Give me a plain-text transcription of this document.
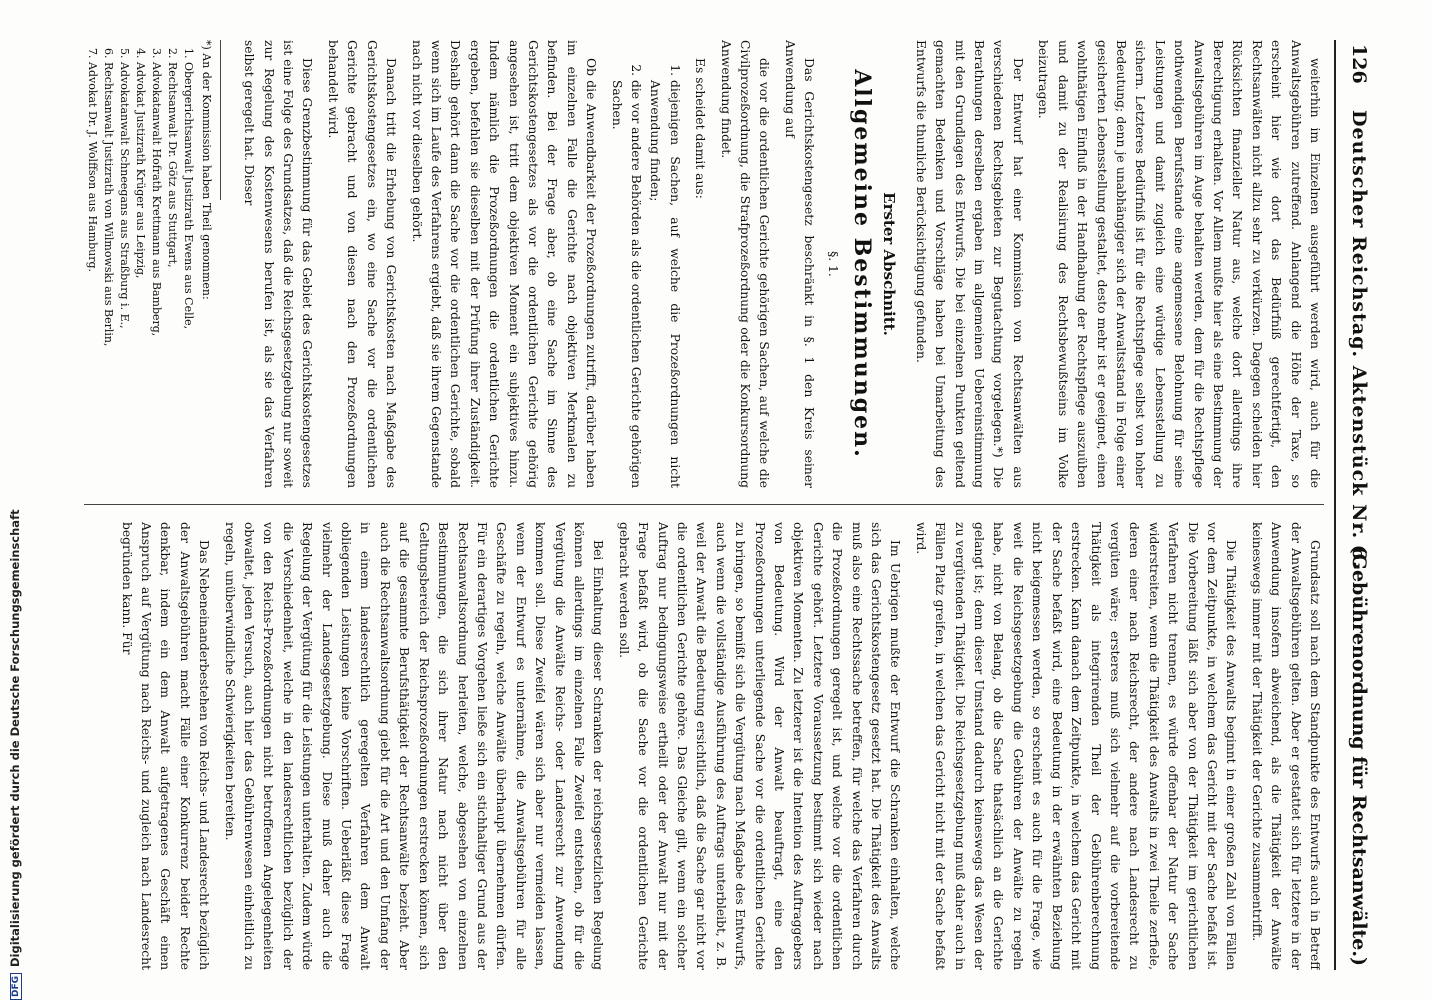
DFGDigitalisierung gefördert durch die Deutsche Forschungsgemeinschaft
126
Deutscher Reichstag. Aktenstück Nr. 6.
(Gebührenordnung für Rechtsanwälte.)

weiterhin im Einzelnen ausgeführt werden wird, auch für die Anwaltsgebühren zutreffend. Anlangend die Höhe der Taxe, so erscheint hier wie dort das Bedürfniß gerechtfertigt, den Rechtsanwälten nicht allzu sehr zu verkürzen. Dagegen scheiden hier Rücksichten finanzieller Natur aus, welche dort allerdings ihre Berechtigung erhalten. Vor Allem mußte hier als eine Bestimmung der Anwaltsgebühren im Auge behalten werden, dem für die Rechtspflege nothwendigen Berufsstande eine angemessene Belohnung für seine Leistungen und damit zugleich eine würdige Lebensstellung zu sichern. Letzteres Bedürfniß ist für die Rechtspflege selbst von hoher Bedeutung; denn je unabhängiger sich der Anwaltsstand in Folge einer gesicherten Lebensstellung gestaltet, desto mehr ist er geeignet, einen wohlthätigen Einfluß in der Handhabung der Rechtspflege auszuüben und damit zu der Realisirung des Rechtsbewußtseins im Volke beizutragen.

Der Entwurf hat einer Kommission von Rechtsanwälten aus verschiedenen Rechtsgebieten zur Begutachtung vorgelegen.*) Die Berathungen derselben ergaben im allgemeinen Uebereinstimmung mit den Grundlagen des Entwurfs. Die bei einzelnen Punkten geltend gemachten Bedenken und Vorschläge haben bei Umarbeitung des Entwurfs die thunliche Berücksichtigung gefunden.

Erster Abschnitt.
Allgemeine Bestimmungen.
§. 1.

Das Gerichtskostengesetz beschränkt in §. 1 den Kreis seiner Anwendung auf

die vor die ordentlichen Gerichte gehörigen Sachen, auf welche die Civilprozeßordnung, die Strafprozeßordnung oder die Konkursordnung Anwendung findet.

Es scheidet damit aus:

1. diejenigen Sachen, auf welche die Prozeßordnungen nicht Anwendung finden;
2. die vor andere Behörden als die ordentlichen Gerichte gehörigen Sachen.

Ob die Anwendbarkeit der Prozeßordnungen zutrifft, darüber haben im einzelnen Falle die Gerichte nach objektiven Merkmalen zu befinden. Bei der Frage aber, ob eine Sache im Sinne des Gerichtskostengesetzes als vor die ordentlichen Gerichte gehörig angesehen ist, tritt dem objektiven Moment ein subjektives hinzu. Indem nämlich die Prozeßordnungen die ordentlichen Gerichte ergeben, befehlen sie dieselben mit der Prüfung ihrer Zuständigkeit. Deshalb gehört dann die Sache vor die ordentlichen Gerichte, sobald wenn sich im Laufe des Verfahrens ergiebt, daß sie ihrem Gegenstande nach nicht vor dieselben gehört.

Danach tritt die Erhebung von Gerichtskosten nach Maßgabe des Gerichtskostengesetzes ein, wo eine Sache vor die ordentlichen Gerichte gebracht und von diesen nach den Prozeßordnungen behandelt wird.

Diese Grenzbestimmung für das Gebiet des Gerichtskostengesetzes ist eine Folge des Grundsatzes, daß die Reichsgesetzgebung nur soweit zur Regelung des Kostenwesens berufen ist, als sie das Verfahren selbst geregelt hat. Dieser

*) An der Kommission haben Theil genommen:

1. Obergerichtsanwalt Justizrath Ewens aus Celle,
2. Rechtsanwalt Dr. Götz aus Stuttgart,
3. Advokatanwalt Hofrath Krettmann aus Bamberg,
4. Advokat Justizrath Krüger aus Leipzig,
5. Advokatanwalt Schneegans aus Straßburg i. E.,
6. Rechtsanwalt Justizrath von Wilmowski aus Berlin,
7. Advokat Dr. J. Wolffson aus Hamburg.

Grundsatz soll nach dem Standpunkte des Entwurfs auch in Betreff der Anwaltsgebühren gelten. Aber er gestattet sich für letztere in der Anwendung insofern abweichend, als die Thätigkeit der Anwälte keineswegs immer mit der Thätigkeit der Gerichte zusammentrifft.

Die Thätigkeit des Anwalts beginnt in einer großen Zahl von Fällen vor dem Zeitpunkte, in welchem das Gericht mit der Sache befaßt ist. Die Vorbereitung läßt sich aber von der Thätigkeit im gerichtlichen Verfahren nicht trennen, es würde offenbar der Natur der Sache widerstreiten, wenn die Thätigkeit des Anwalts in zwei Theile zerfiele, deren einer nach Reichsrecht, der andere nach Landesrecht zu vergüten wäre; ersteres muß sich vielmehr auf die vorbereitende Thätigkeit als integrirenden Theil der Gebührenberechnung erstrecken. Kann danach dem Zeitpunkte, in welchem das Gericht mit der Sache befaßt wird, eine Bedeutung in der erwähnten Beziehung nicht beigemessen werden, so erscheint es auch für die Frage, wie weit die Reichsgesetzgebung die Gebühren der Anwälte zu regeln habe, nicht von Belang, ob die Sache thatsächlich an die Gerichte gelangt ist; denn dieser Umstand dadurch keineswegs das Wesen der zu vergütenden Thätigkeit. Die Reichsgesetzgebung muß daher auch in Fällen Platz greifen, in welchen das Gericht nicht mit der Sache befaßt wird.

Im Uebrigen mußte der Entwurf die Schranken einhalten, welche sich das Gerichtskostengesetz gesetzt hat. Die Thätigkeit des Anwalts muß also eine Rechtssache betreffen, für welche das Verfahren durch die Prozeßordnungen geregelt ist, und welche vor die ordentlichen Gerichte gehört. Letztere Voraussetzung bestimmt sich wieder nach objektiven Momenten. Zu letzterer ist die Intention des Auftraggebers von Bedeutung. Wird der Anwalt beauftragt, eine den Prozeßordnungen unterliegende Sache vor die ordentlichen Gerichte zu bringen, so bemißt sich die Vergütung nach Maßgabe des Entwurfs, auch wenn die vollständige Ausführung des Auftrags unterbleibt, z. B. weil der Anwalt die Bedeutung ersichtlich, daß die Sache gar nicht vor die ordentlichen Gerichte gehöre. Das Gleiche gilt, wenn ein solcher Auftrag nur bedingungsweise ertheilt oder der Anwalt nur mit der Frage befaßt wird, ob die Sache vor die ordentlichen Gerichte gebracht werden soll.

Bei Einhaltung dieser Schranken der reichsgesetzlichen Regelung können allerdings im einzelnen Falle Zweifel entstehen, ob für die Vergütung die Anwälte Reichs- oder Landesrecht zur Anwendung kommen soll. Diese Zweifel wären sich aber nur vermeiden lassen, wenn der Entwurf es unternähme, die Anwaltsgebühren für alle Geschäfte zu regeln, welche Anwälte überhaupt übernehmen dürfen. Für ein derartiges Vorgehen ließe sich ein stichhaltiger Grund aus der Rechtsanwaltsordnung herleiten, welche, abgesehen von einzelnen Bestimmungen, die sich ihrer Natur nach nicht über den Geltungsbereich der Reichsprozeßordnungen erstrecken können, sich auf die gesammte Berufsthätigkeit der Rechtsanwälte bezieht. Aber auch die Rechtsanwaltsordnung giebt für die Art und den Umfang der in einem landesrechtlich geregelten Verfahren dem Anwalt obliegenden Leistungen keine Vorschriften. Ueberläßt diese Frage vielmehr der Landesgesetzgebung. Diese muß daher auch die Regelung der Vergütung für die Leistungen unterhalten. Zudem würde die Verschiedenheit, welche in den landesrechtlichen bezüglich der von den Reichs-Prozeßordnungen nicht betroffenen Angelegenheiten obwaltet, jeden Versuch, auch hier das Gebührenwesen einheitlich zu regeln, unüberwindliche Schwierigkeiten bereiten.

Das Nebeneinanderbestehen von Reichs- und Landesrecht bezüglich der Anwaltsgebühren macht Fälle einer Konkurrenz beider Rechte denkbar, indem ein dem Anwalt aufgetragenes Geschäft einen Anspruch auf Vergütung nach Reichs- und zugleich nach Landesrecht begründen kann. Für
